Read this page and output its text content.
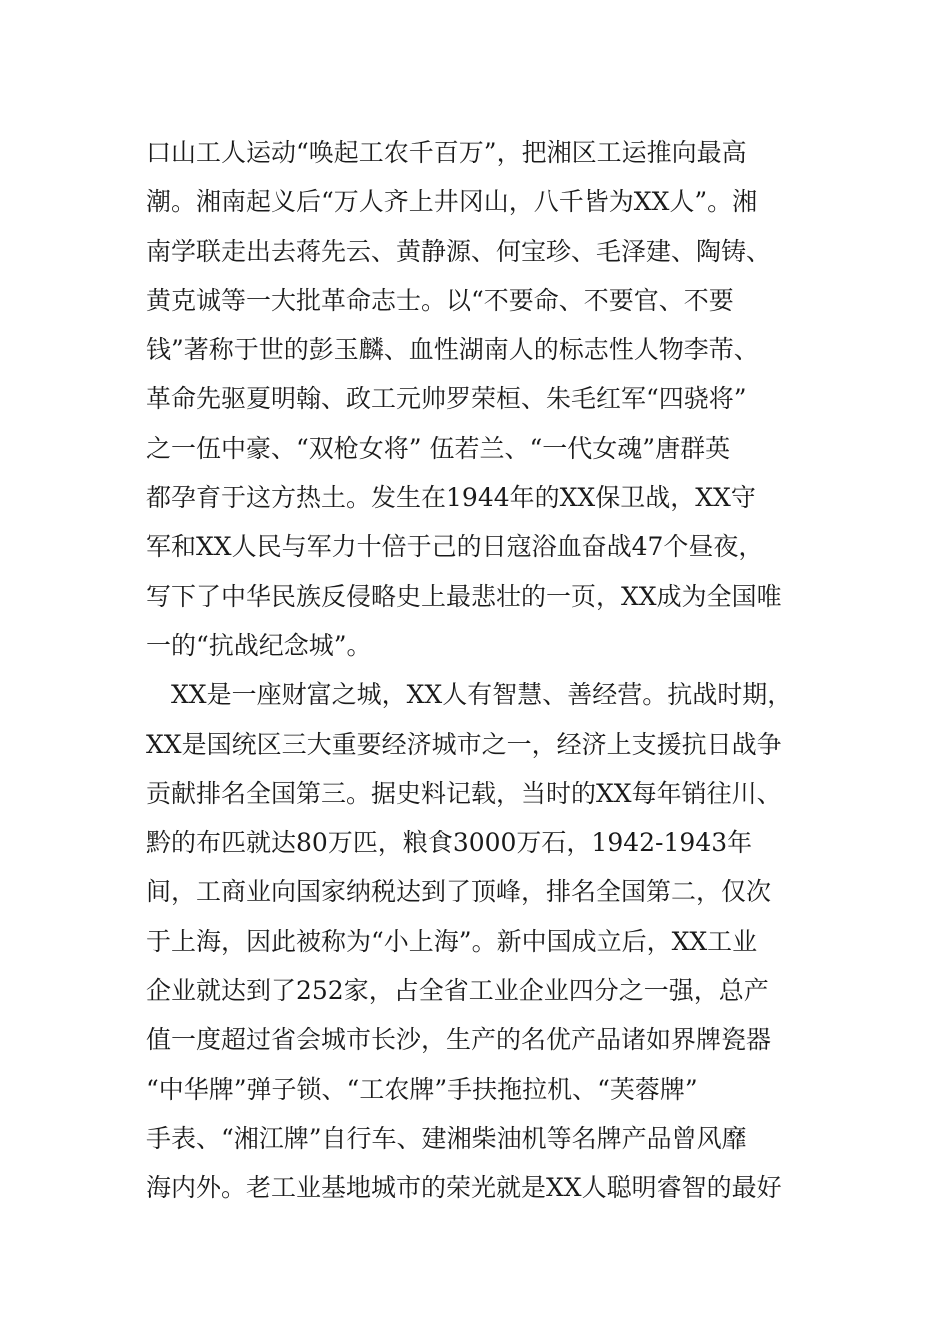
口山工人运动“唤起工农千百万”，把湘区工运推向最高
潮。湘南起义后“万人齐上井冈山，八千皆为XX人”。湘
南学联走出去蒋先云、黄静源、何宝珍、毛泽建、陶铸、
黄克诚等一大批革命志士。以“不要命、不要官、不要
钱”著称于世的彭玉麟、血性湖南人的标志性人物李芾、
革命先驱夏明翰、政工元帅罗荣桓、朱毛红军“四骁将”
之一伍中豪、“双枪女将” 伍若兰、“一代女魂”唐群英
都孕育于这方热土。发生在1944年的XX保卫战，XX守
军和XX人民与军力十倍于己的日寇浴血奋战47个昼夜，
写下了中华民族反侵略史上最悲壮的一页，XX成为全国唯
一的“抗战纪念城”。
　XX是一座财富之城，XX人有智慧、善经营。抗战时期，
XX是国统区三大重要经济城市之一，经济上支援抗日战争
贡献排名全国第三。据史料记载，当时的XX每年销往川、
黔的布匹就达80万匹，粮食3000万石，1942-1943年
间，工商业向国家纳税达到了顶峰，排名全国第二，仅次
于上海，因此被称为“小上海”。新中国成立后，XX工业
企业就达到了252家，占全省工业企业四分之一强，总产
值一度超过省会城市长沙，生产的名优产品诸如界牌瓷器
“中华牌”弹子锁、“工农牌”手扶拖拉机、“芙蓉牌”
手表、“湘江牌”自行车、建湘柴油机等名牌产品曾风靡
海内外。老工业基地城市的荣光就是XX人聪明睿智的最好
